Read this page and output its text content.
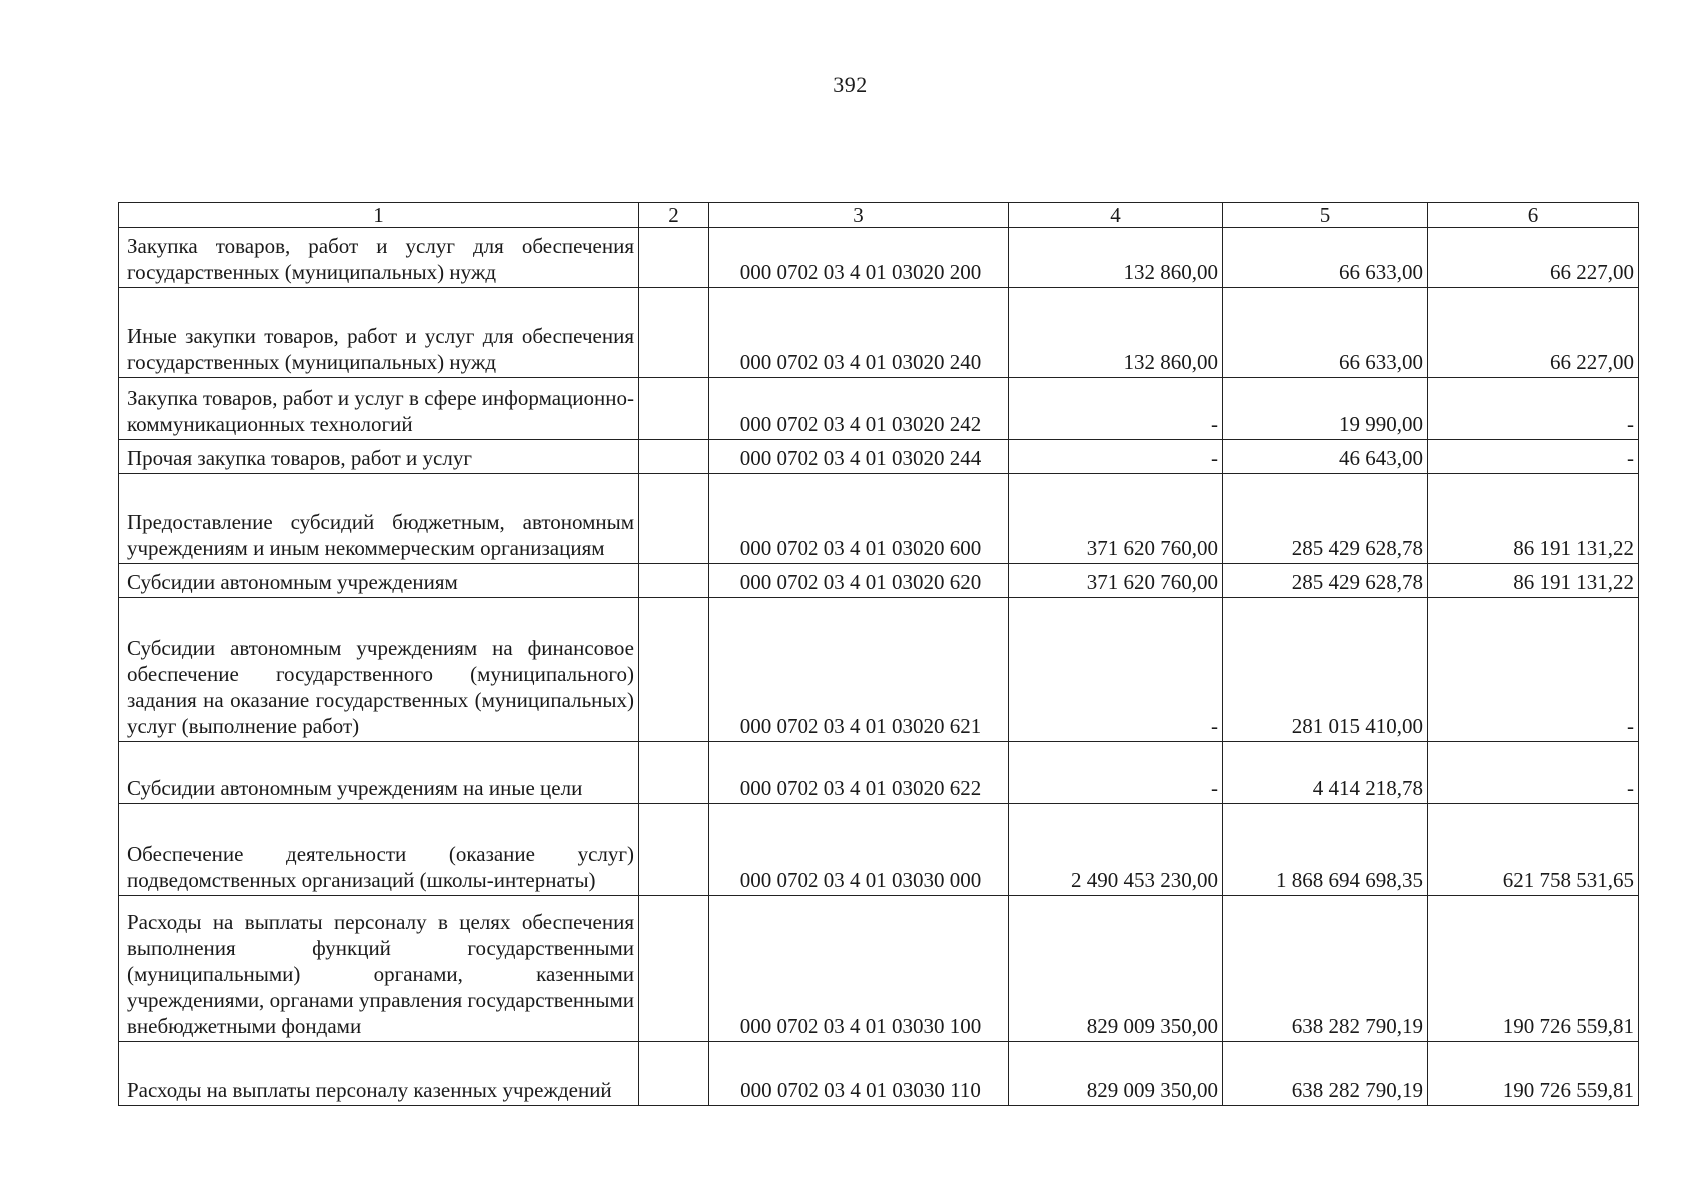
392
1	2	3	4	5	6
Закупка товаров, работ и услуг для обеспечения государственных (муниципальных) нужд		000 0702 03 4 01 03020 200	132 860,00	66 633,00	66 227,00
Иные закупки товаров, работ и услуг для обеспечения государственных (муниципальных) нужд		000 0702 03 4 01 03020 240	132 860,00	66 633,00	66 227,00
Закупка товаров, работ и услуг в сфере информационно-коммуникационных технологий		000 0702 03 4 01 03020 242	-	19 990,00	-
Прочая закупка товаров, работ и услуг		000 0702 03 4 01 03020 244	-	46 643,00	-
Предоставление субсидий бюджетным, автономным учреждениям и иным некоммерческим организациям		000 0702 03 4 01 03020 600	371 620 760,00	285 429 628,78	86 191 131,22
Субсидии автономным учреждениям		000 0702 03 4 01 03020 620	371 620 760,00	285 429 628,78	86 191 131,22
Субсидии автономным учреждениям на финансовое обеспечение государственного (муниципального) задания на оказание государственных (муниципальных) услуг (выполнение работ)		000 0702 03 4 01 03020 621	-	281 015 410,00	-
Субсидии автономным учреждениям на иные цели		000 0702 03 4 01 03020 622	-	4 414 218,78	-
Обеспечение деятельности (оказание услуг) подведомственных организаций (школы-интернаты)		000 0702 03 4 01 03030 000	2 490 453 230,00	1 868 694 698,35	621 758 531,65
Расходы на выплаты персоналу в целях обеспечения выполнения функций государственными (муниципальными) органами, казенными учреждениями, органами управления государственными внебюджетными фондами		000 0702 03 4 01 03030 100	829 009 350,00	638 282 790,19	190 726 559,81
Расходы на выплаты персоналу казенных учреждений		000 0702 03 4 01 03030 110	829 009 350,00	638 282 790,19	190 726 559,81
